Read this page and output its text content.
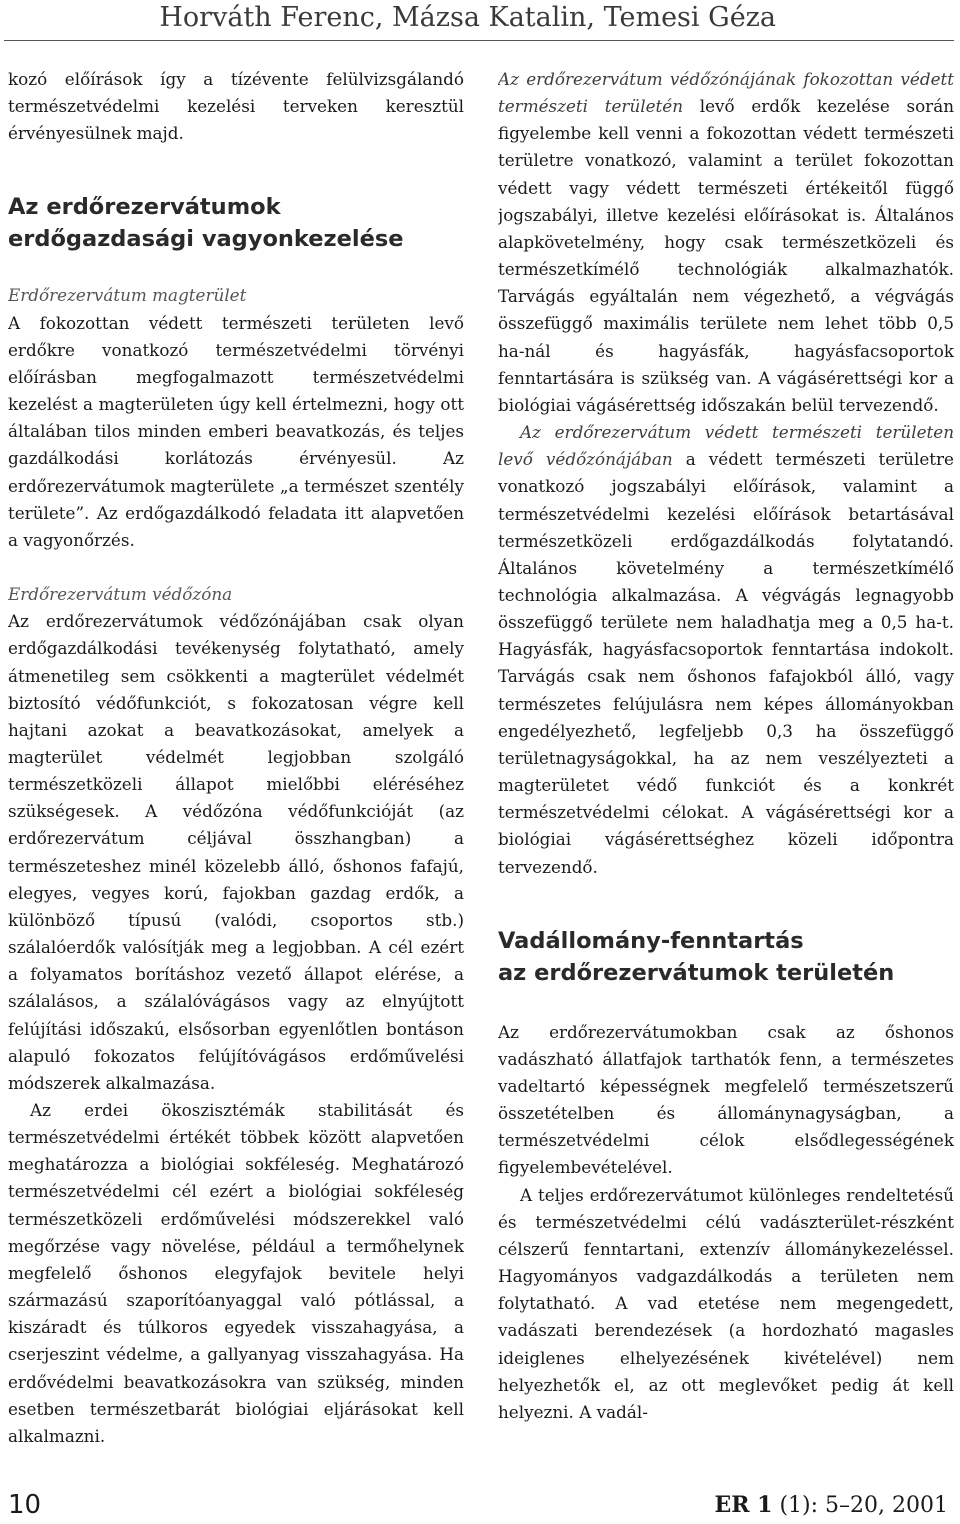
Horváth Ferenc, Mázsa Katalin, Temesi Géza

kozó előírások így a tízévente felülvizsgálandó természetvédelmi kezelési terveken keresztül érvényesülnek majd.

Az erdőrezervátumok erdőgazdasági vagyonkezelése
Erdőrezervátum magterület

A fokozottan védett természeti területen levő erdőkre vonatkozó természetvédelmi törvényi előírásban megfogalmazott természetvédelmi kezelést a magterületen úgy kell értelmezni, hogy ott általában tilos minden emberi beavatkozás, és teljes gazdálkodási korlátozás érvényesül. Az erdőrezervátumok magterülete „a természet szentély területe”. Az erdőgazdálkodó feladata itt alapvetően a vagyonőrzés.

Erdőrezervátum védőzóna

Az erdőrezervátumok védőzónájában csak olyan erdőgazdálkodási tevékenység folytatható, amely átmenetileg sem csökkenti a magterület védelmét biztosító védőfunkciót, s fokozatosan végre kell hajtani azokat a beavatkozásokat, amelyek a magterület védelmét legjobban szolgáló természetközeli állapot mielőbbi eléréséhez szükségesek. A védőzóna védőfunkcióját (az erdőrezervátum céljával összhangban) a természeteshez minél közelebb álló, őshonos fafajú, elegyes, vegyes korú, fajokban gazdag erdők, a különböző típusú (valódi, csoportos stb.) szálalóerdők valósítják meg a legjobban. A cél ezért a folyamatos borításhoz vezető állapot elérése, a szálalásos, a szálalóvágásos vagy az elnyújtott felújítási időszakú, elsősorban egyenlőtlen bontáson alapuló fokozatos felújítóvágásos erdőművelési módszerek alkalmazása.

Az erdei ökoszisztémák stabilitását és természetvédelmi értékét többek között alapvetően meghatározza a biológiai sokféleség. Meghatározó természetvédelmi cél ezért a biológiai sokféleség természetközeli erdőművelési módszerekkel való megőrzése vagy növelése, például a termőhelynek megfelelő őshonos elegyfajok bevitele helyi származású szaporítóanyaggal való pótlással, a kiszáradt és túlkoros egyedek visszahagyása, a cserjeszint védelme, a gallyanyag visszahagyása. Ha erdővédelmi beavatkozásokra van szükség, minden esetben természetbarát biológiai eljárásokat kell alkalmazni.

Az erdőrezervátum védőzónájának fokozottan védett természeti területén levő erdők kezelése során figyelembe kell venni a fokozottan védett természeti területre vonatkozó, valamint a terület fokozottan védett vagy védett természeti értékeitől függő jogszabályi, illetve kezelési előírásokat is. Általános alapkövetelmény, hogy csak természetközeli és természetkímélő technológiák alkalmazhatók. Tarvágás egyáltalán nem végezhető, a végvágás összefüggő maximális területe nem lehet több 0,5 ha-nál és hagyásfák, hagyásfacsoportok fenntartására is szükség van. A vágásérettségi kor a biológiai vágásérettség időszakán belül tervezendő.

Az erdőrezervátum védett természeti területen levő védőzónájában a védett természeti területre vonatkozó jogszabályi előírások, valamint a természetvédelmi kezelési előírások betartásával természetközeli erdőgazdálkodás folytatandó. Általános követelmény a természetkímélő technológia alkalmazása. A végvágás legnagyobb összefüggő területe nem haladhatja meg a 0,5 ha-t. Hagyásfák, hagyásfacsoportok fenntartása indokolt. Tarvágás csak nem őshonos fafajokból álló, vagy természetes felújulásra nem képes állományokban engedélyezhető, legfeljebb 0,3 ha összefüggő területnagyságokkal, ha az nem veszélyezteti a magterületet védő funkciót és a konkrét természetvédelmi célokat. A vágásérettségi kor a biológiai vágásérettséghez közeli időpontra tervezendő.

Vadállomány-fenntartás
az erdőrezervátumok területén

Az erdőrezervátumokban csak az őshonos vadászható állatfajok tarthatók fenn, a természetes vadeltartó képességnek megfelelő természetszerű összetételben és állománynagyságban, a természetvédelmi célok elsődlegességének figyelembevételével.

A teljes erdőrezervátumot különleges rendeltetésű és természetvédelmi célú vadászterület-részként célszerű fenntartani, extenzív állománykezeléssel. Hagyományos vadgazdálkodás a területen nem folytatható. A vad etetése nem megengedett, vadászati berendezések (a hordozható magasles ideiglenes elhelyezésének kivételével) nem helyezhetők el, az ott meglevőket pedig át kell helyezni. A vadál-

10	ER 1 (1): 5–20, 2001
